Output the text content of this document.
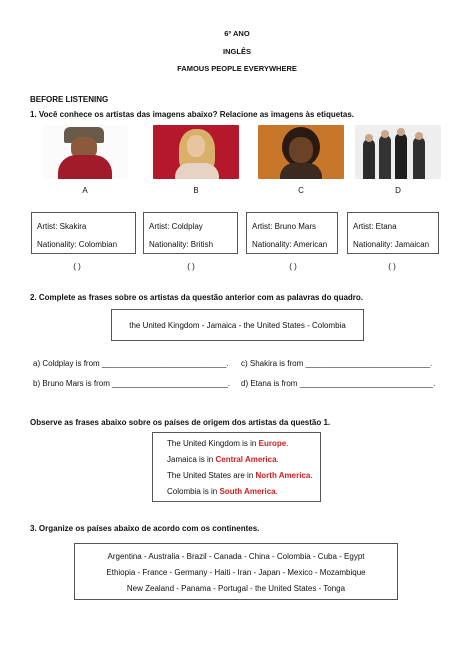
6º ANO
INGLÊS
FAMOUS PEOPLE EVERYWHERE
BEFORE LISTENING
1. Você conhece os artistas das imagens abaixo? Relacione as imagens às etiquetas.
A	B	C	D
Artist: Skakira
Nationality: Colombian
Artist: Coldplay
Nationality: British
Artist: Bruno Mars
Nationality: American
Artist: Etana
Nationality: Jamaican
( )	( )	( )	( )
2. Complete as frases sobre os artistas da questão anterior com as palavras do quadro.
the United Kingdom - Jamaica - the United States - Colombia
a) Coldplay is from ____________________________. c) Shakira is from ____________________________.
b) Bruno Mars is from __________________________. d) Etana is from ______________________________.
Observe as frases abaixo sobre os países de origem dos artistas da questão 1.
The United Kingdom is in Europe.
Jamaica is in Central America.
The United States are in North America.
Colombia is in South America.
3. Organize os países abaixo de acordo com os continentes.
Argentina - Australia - Brazil - Canada - China - Colombia - Cuba - Egypt
Ethiopia - France - Germany - Haiti - Iran - Japan - Mexico - Mozambique
New Zealand - Panama - Portugal - the United States - Tonga
